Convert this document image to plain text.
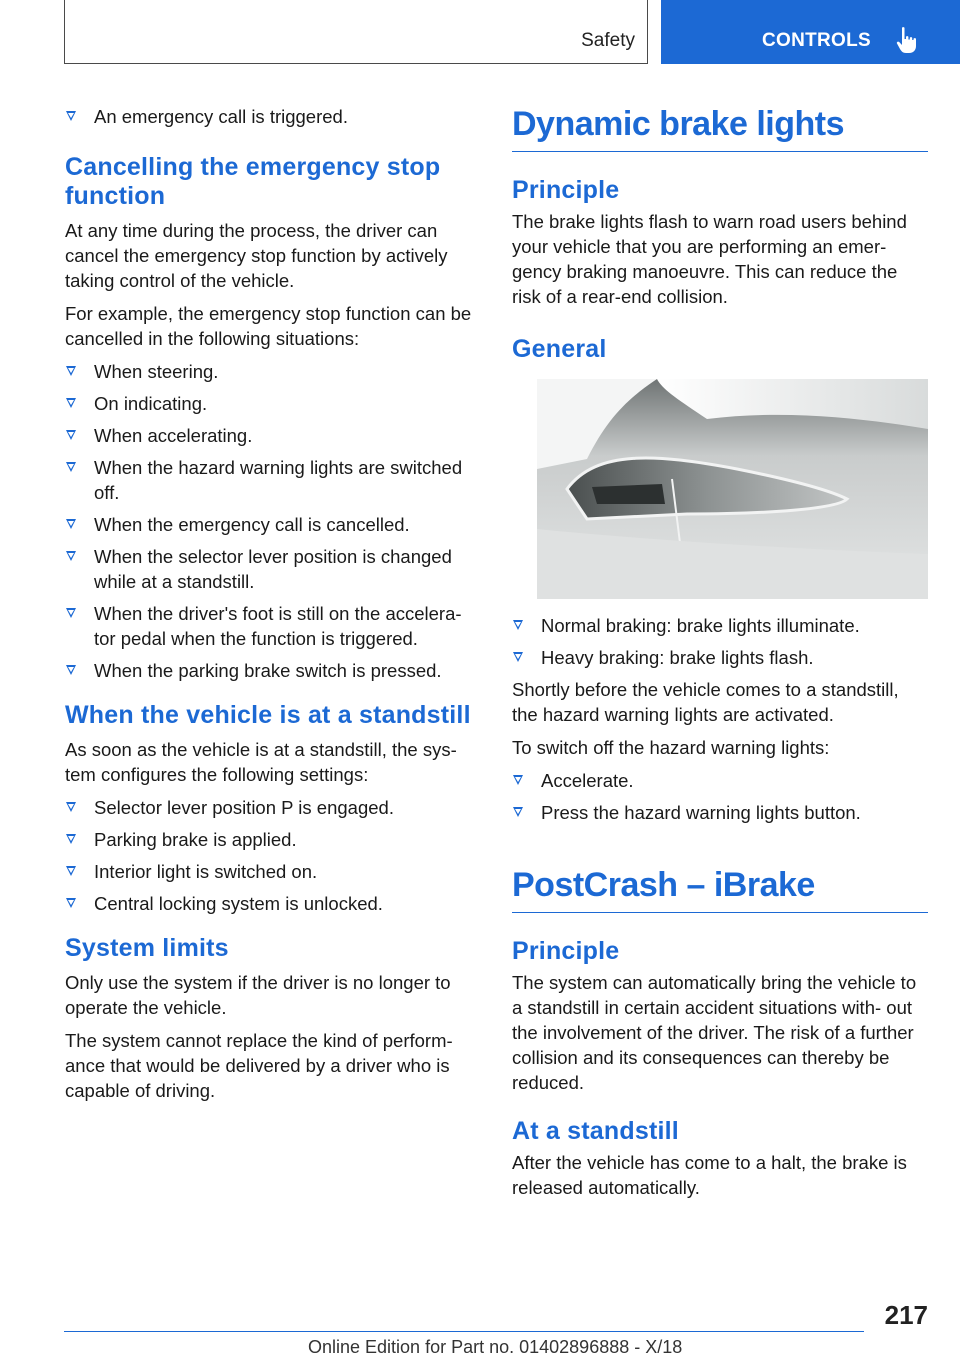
Safety	CONTROLS
An emergency call is triggered.
Cancelling the emergency stop function

At any time during the process, the driver can cancel the emergency stop function by actively taking control of the vehicle.

For example, the emergency stop function can be cancelled in the following situations:

When steering.
On indicating.
When accelerating.
When the hazard warning lights are switched off.
When the emergency call is cancelled.
When the selector lever position is changed while at a standstill.
When the driver's foot is still on the accelera‐ tor pedal when the function is triggered.
When the parking brake switch is pressed.
When the vehicle is at a standstill

As soon as the vehicle is at a standstill, the sys‐ tem configures the following settings:

Selector lever position P is engaged.
Parking brake is applied.
Interior light is switched on.
Central locking system is unlocked.
System limits

Only use the system if the driver is no longer to operate the vehicle.

The system cannot replace the kind of perform‐ ance that would be delivered by a driver who is capable of driving.

Dynamic brake lights
Principle

The brake lights flash to warn road users behind your vehicle that you are performing an emer‐ gency braking manoeuvre. This can reduce the risk of a rear-end collision.

General
Normal braking: brake lights illuminate.
Heavy braking: brake lights flash.

Shortly before the vehicle comes to a standstill, the hazard warning lights are activated.

To switch off the hazard warning lights:

Accelerate.
Press the hazard warning lights button.
PostCrash – iBrake
Principle

The system can automatically bring the vehicle to a standstill in certain accident situations with‐ out the involvement of the driver. The risk of a further collision and its consequences can thereby be reduced.

At a standstill

After the vehicle has come to a halt, the brake is released automatically.

217
Online Edition for Part no. 01402896888 - X/18
